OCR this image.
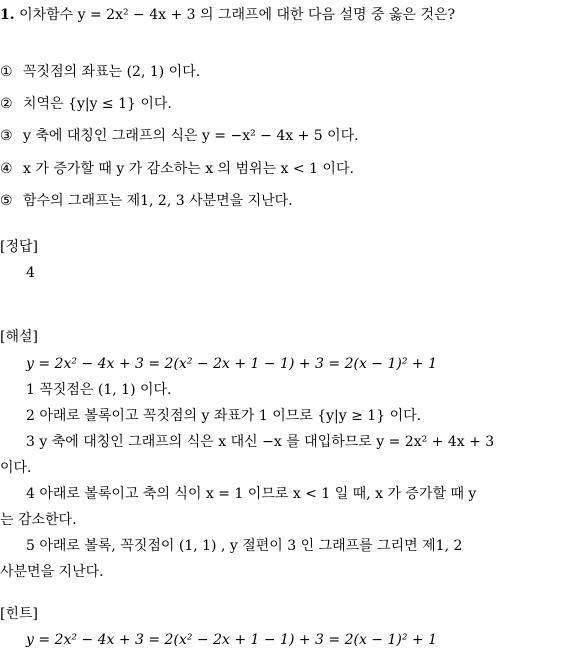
1. 이차함수 y = 2x² − 4x + 3 의 그래프에 대한 다음 설명 중 옳은 것은?
① 꼭짓점의 좌표는 (2, 1) 이다.
② 치역은 {y|y ≤ 1} 이다.
③ y 축에 대칭인 그래프의 식은 y = −x² − 4x + 5 이다.
④ x 가 증가할 때 y 가 감소하는 x 의 범위는 x < 1 이다.
⑤ 함수의 그래프는 제1, 2, 3 사분면을 지난다.
[정답]
4
[해설]
y = 2x² − 4x + 3 = 2(x² − 2x + 1 − 1) + 3 = 2(x − 1)² + 1
1 꼭짓점은 (1, 1) 이다.
2 아래로 볼록이고 꼭짓점의 y 좌표가 1 이므로 {y|y ≥ 1} 이다.
3 y 축에 대칭인 그래프의 식은 x 대신 −x 를 대입하므로 y = 2x² + 4x + 3
이다.
4 아래로 볼록이고 축의 식이 x = 1 이므로 x < 1 일 때, x 가 증가할 때 y
는 감소한다.
5 아래로 볼록, 꼭짓점이 (1, 1) , y 절편이 3 인 그래프를 그리면 제1, 2
사분면을 지난다.
[힌트]
y = 2x² − 4x + 3 = 2(x² − 2x + 1 − 1) + 3 = 2(x − 1)² + 1
